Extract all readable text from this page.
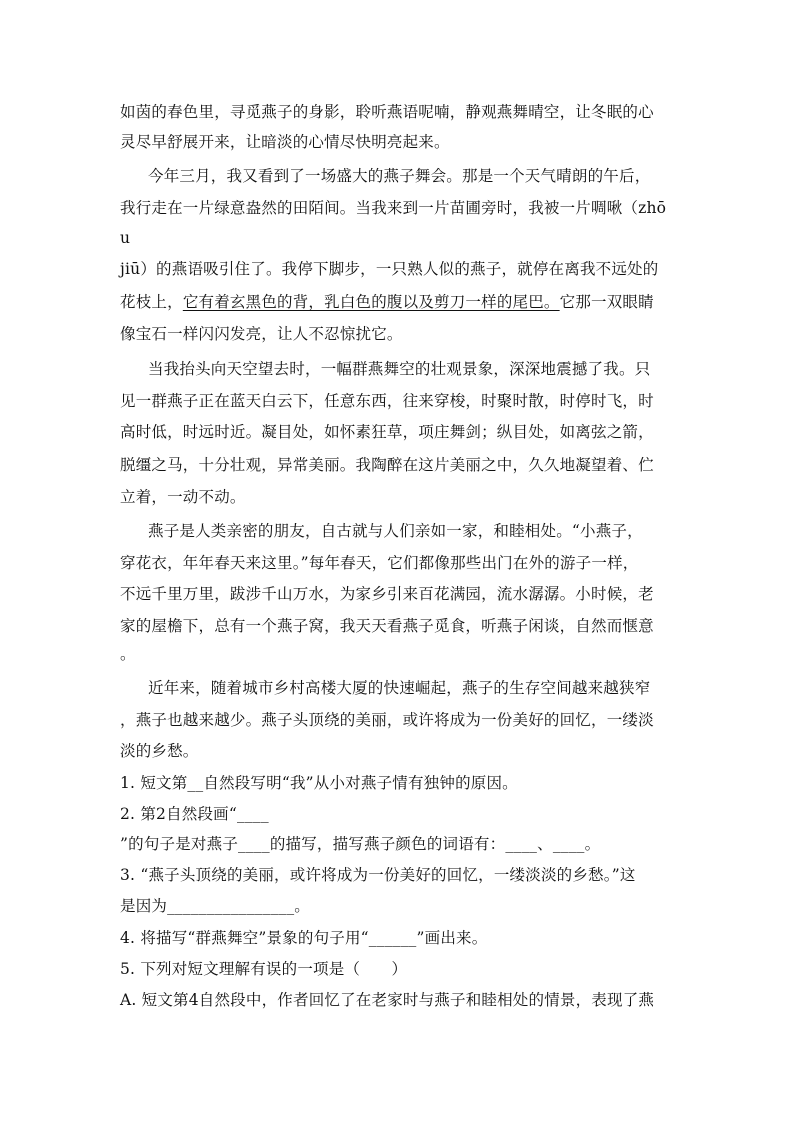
如茵的春色里，寻觅燕子的身影，聆听燕语呢喃，静观燕舞晴空，让冬眠的心
灵尽早舒展开来，让暗淡的心情尽快明亮起来。
今年三月，我又看到了一场盛大的燕子舞会。那是一个天气晴朗的午后，
我行走在一片绿意盎然的田陌间。当我来到一片苗圃旁时，我被一片啁啾（zhō
u
jiū）的燕语吸引住了。我停下脚步，一只熟人似的燕子，就停在离我不远处的
花枝上，它有着玄黑色的背，乳白色的腹以及剪刀一样的尾巴。它那一双眼睛
像宝石一样闪闪发亮，让人不忍惊扰它。
当我抬头向天空望去时，一幅群燕舞空的壮观景象，深深地震撼了我。只
见一群燕子正在蓝天白云下，任意东西，往来穿梭，时聚时散，时停时飞，时
高时低，时远时近。凝目处，如怀素狂草，项庄舞剑；纵目处，如离弦之箭，
脱缰之马，十分壮观，异常美丽。我陶醉在这片美丽之中，久久地凝望着、伫
立着，一动不动。
燕子是人类亲密的朋友，自古就与人们亲如一家，和睦相处。“小燕子，
穿花衣，年年春天来这里。”每年春天，它们都像那些出门在外的游子一样，
不远千里万里，跋涉千山万水，为家乡引来百花满园，流水潺潺。小时候，老
家的屋檐下，总有一个燕子窝，我天天看燕子觅食，听燕子闲谈，自然而惬意
。
近年来，随着城市乡村高楼大厦的快速崛起，燕子的生存空间越来越狭窄
，燕子也越来越少。燕子头顶绕的美丽，或许将成为一份美好的回忆，一缕淡
淡的乡愁。
1. 短文第__自然段写明“我”从小对燕子情有独钟的原因。
2. 第2自然段画“____
”的句子是对燕子____的描写，描写燕子颜色的词语有：____、____。
3. “燕子头顶绕的美丽，或许将成为一份美好的回忆，一缕淡淡的乡愁。”这
是因为________________。
4. 将描写“群燕舞空”景象的句子用“______”画出来。
5. 下列对短文理解有误的一项是（　　）
A. 短文第4自然段中，作者回忆了在老家时与燕子和睦相处的情景，表现了燕
